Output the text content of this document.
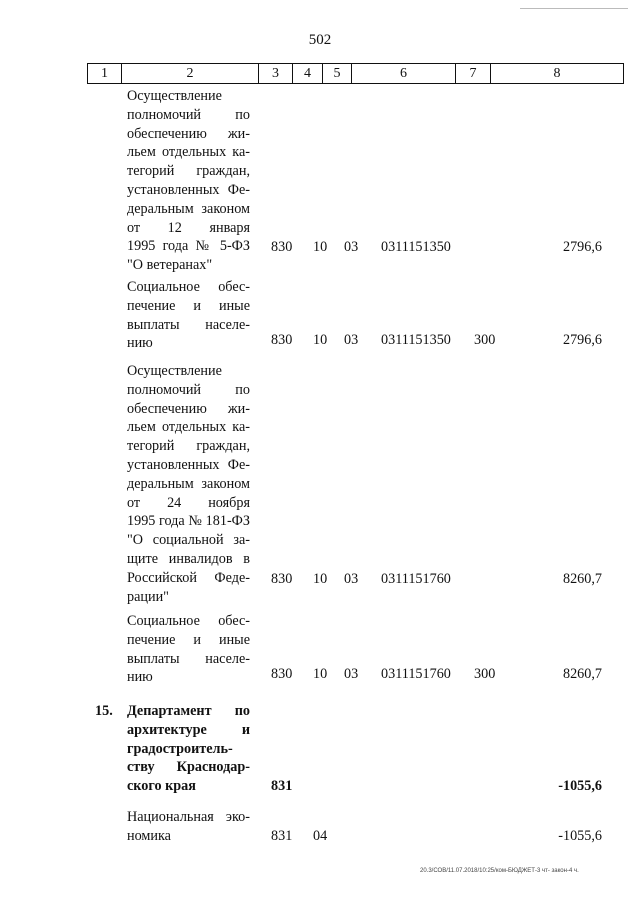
502
1	2	3	4	5	6	7	8
Осуществление
полномочий по
обеспечению жи-
льем отдельных ка-
тегорий граждан,
установленных Фе-
деральным законом
от 12 января
1995 года № 5-ФЗ
"О ветеранах"
830 10 03 0311151350	2796,6
Социальное обес-
печение и иные
выплаты населе-
нию	830 10 03 0311151350 300	2796,6
Осуществление
полномочий по
обеспечению жи-
льем отдельных ка-
тегорий граждан,
установленных Фе-
деральным законом
от 24 ноября
1995 года № 181-ФЗ
"О социальной за-
щите инвалидов в
Российской Феде-
рации"
830 10 03 0311151760	8260,7
Социальное обес-
печение и иные
выплаты населе-
нию	830 10 03 0311151760 300	8260,7
15. Департамент по
архитектуре и
градостроитель-
ству Краснодар-
ского края	831	-1055,6
Национальная эко-
номика	831 04	-1055,6
20.3/СОВ/11.07.2018/10:25/ком-БЮДЖЕТ-3 чт- закон-4 ч.
